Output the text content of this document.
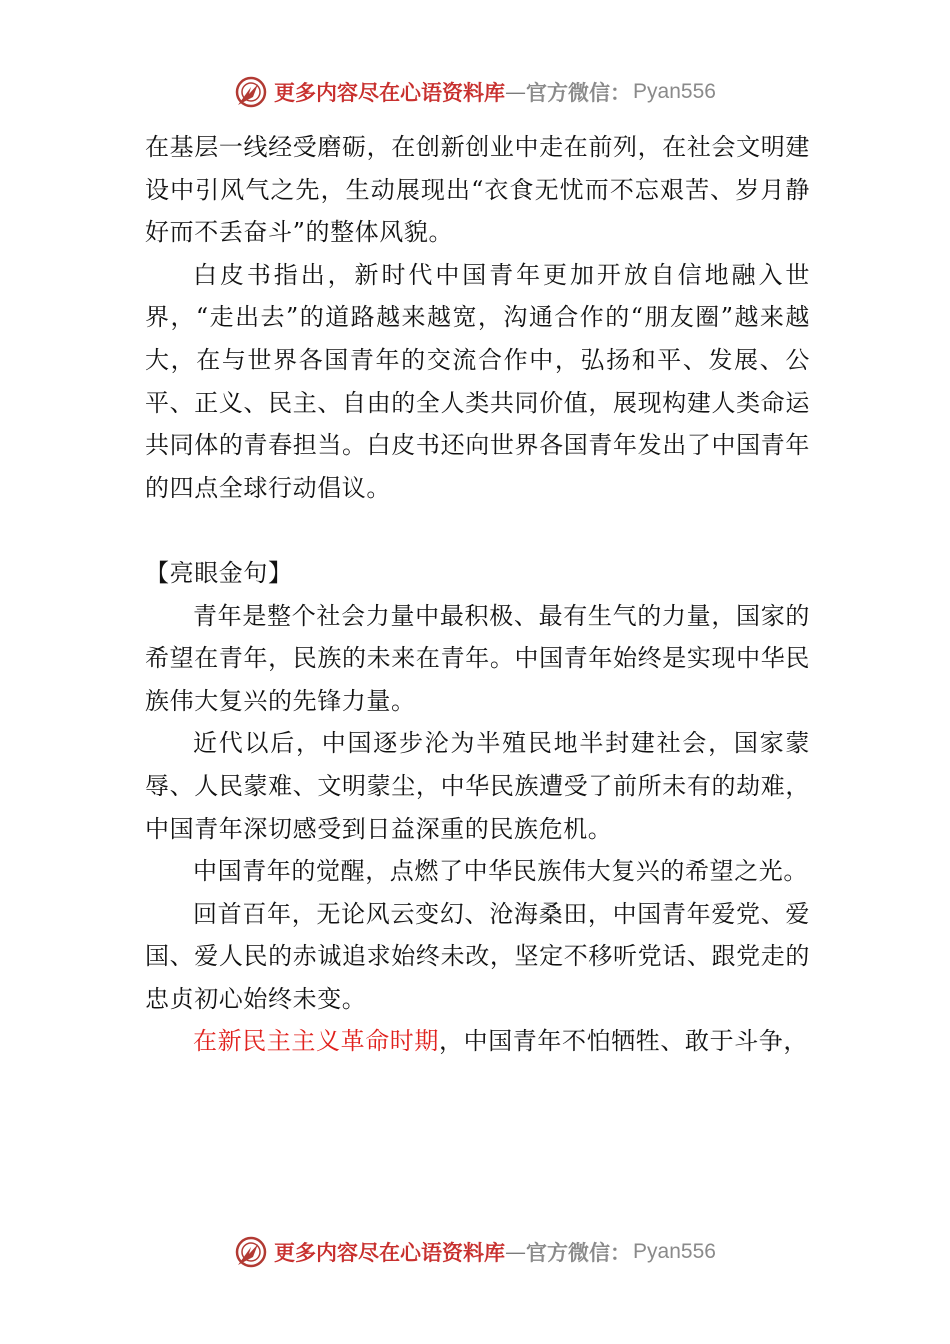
更多内容尽在心语资料库 — 官方微信： Pyan556

在基层一线经受磨砺，在创新创业中走在前列，在社会文明建设中引风气之先，生动展现出“衣食无忧而不忘艰苦、岁月静好而不丢奋斗”的整体风貌。

白皮书指出，新时代中国青年更加开放自信地融入世界，“走出去”的道路越来越宽，沟通合作的“朋友圈”越来越大，在与世界各国青年的交流合作中，弘扬和平、发展、公平、正义、民主、自由的全人类共同价值，展现构建人类命运共同体的青春担当。白皮书还向世界各国青年发出了中国青年的四点全球行动倡议。

【亮眼金句】

青年是整个社会力量中最积极、最有生气的力量，国家的希望在青年，民族的未来在青年。中国青年始终是实现中华民族伟大复兴的先锋力量。

近代以后，中国逐步沦为半殖民地半封建社会，国家蒙辱、人民蒙难、文明蒙尘，中华民族遭受了前所未有的劫难，中国青年深切感受到日益深重的民族危机。

中国青年的觉醒，点燃了中华民族伟大复兴的希望之光。

回首百年，无论风云变幻、沧海桑田，中国青年爱党、爱国、爱人民的赤诚追求始终未改，坚定不移听党话、跟党走的忠贞初心始终未变。

在新民主主义革命时期，中国青年不怕牺牲、敢于斗争，

更多内容尽在心语资料库 — 官方微信： Pyan556
